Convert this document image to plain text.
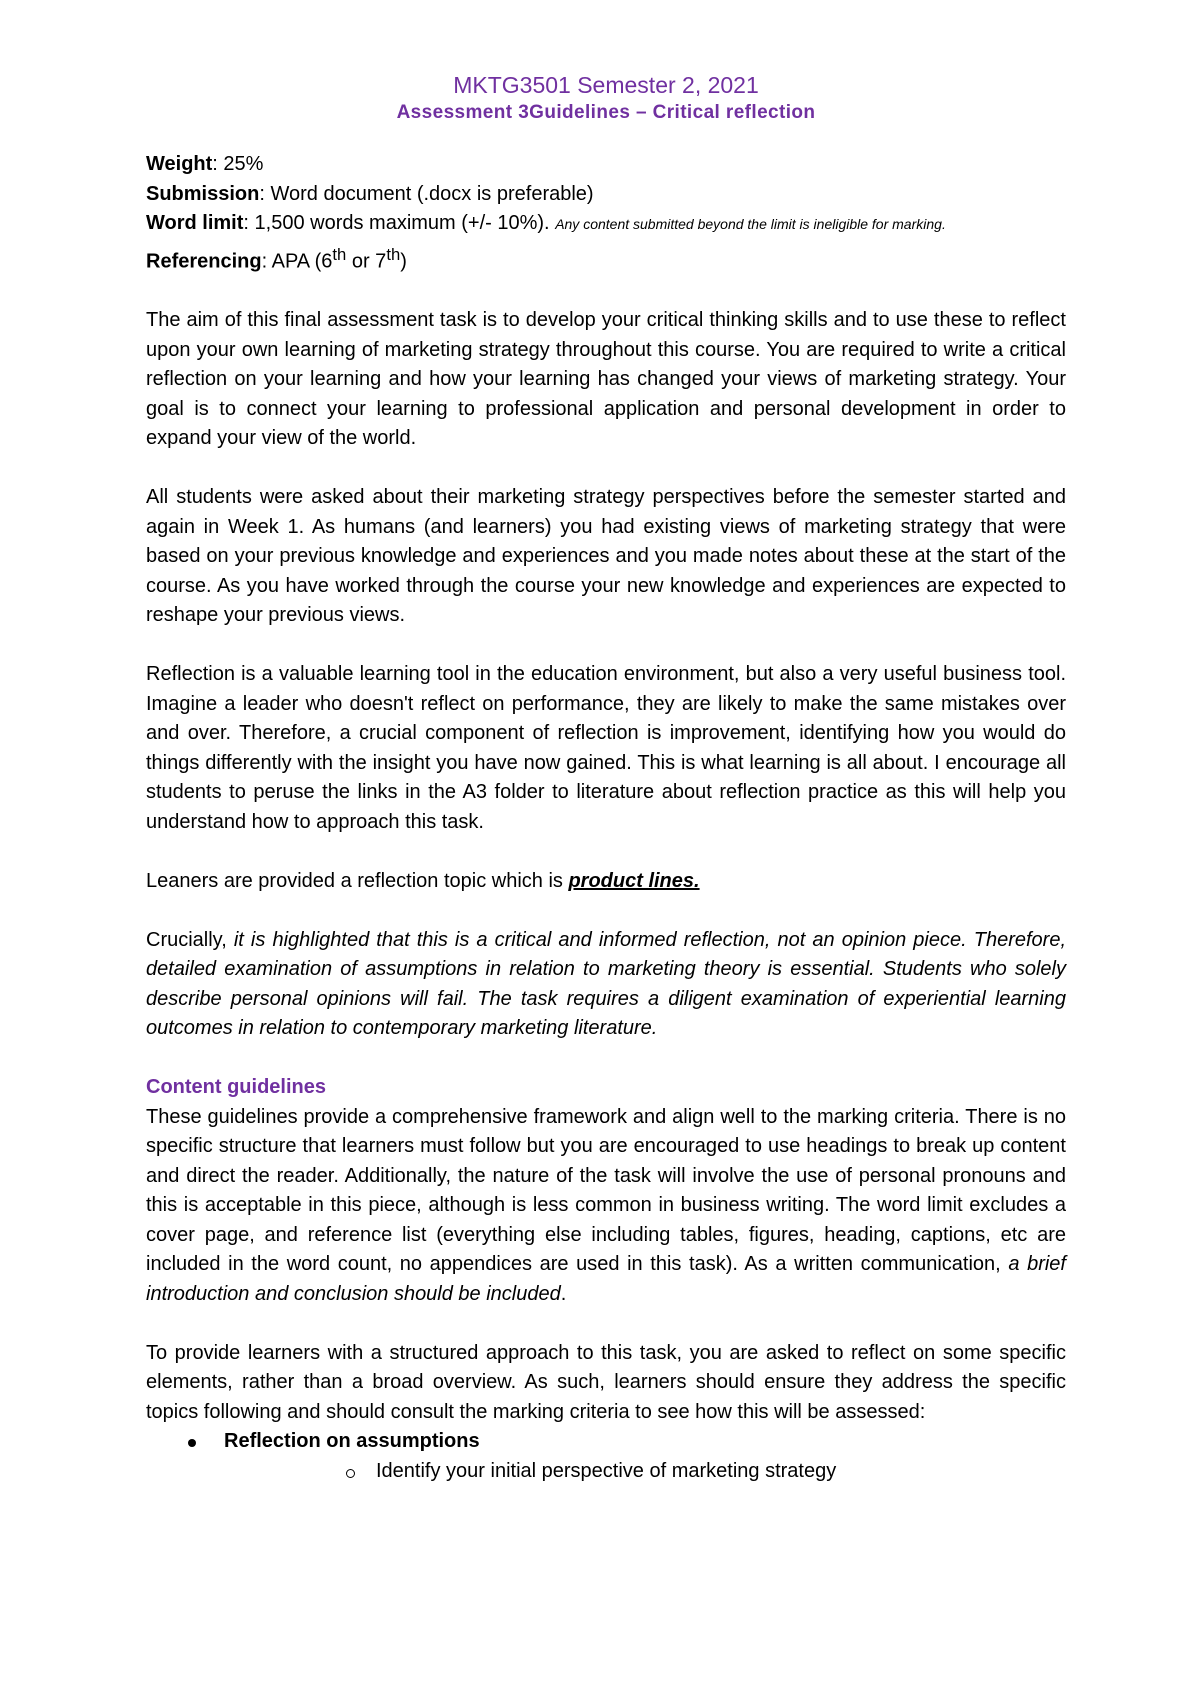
MKTG3501 Semester 2, 2021
Assessment 3Guidelines – Critical reflection

Weight: 25%

Submission: Word document (.docx is preferable)

Word limit: 1,500 words maximum (+/- 10%). Any content submitted beyond the limit is ineligible for marking.

Referencing: APA (6th or 7th)

The aim of this final assessment task is to develop your critical thinking skills and to use these to reflect upon your own learning of marketing strategy throughout this course. You are required to write a critical reflection on your learning and how your learning has changed your views of marketing strategy. Your goal is to connect your learning to professional application and personal development in order to expand your view of the world.

All students were asked about their marketing strategy perspectives before the semester started and again in Week 1. As humans (and learners) you had existing views of marketing strategy that were based on your previous knowledge and experiences and you made notes about these at the start of the course. As you have worked through the course your new knowledge and experiences are expected to reshape your previous views.

Reflection is a valuable learning tool in the education environment, but also a very useful business tool. Imagine a leader who doesn't reflect on performance, they are likely to make the same mistakes over and over. Therefore, a crucial component of reflection is improvement, identifying how you would do things differently with the insight you have now gained. This is what learning is all about. I encourage all students to peruse the links in the A3 folder to literature about reflection practice as this will help you understand how to approach this task.

Leaners are provided a reflection topic which is product lines.

Crucially, it is highlighted that this is a critical and informed reflection, not an opinion piece. Therefore, detailed examination of assumptions in relation to marketing theory is essential. Students who solely describe personal opinions will fail. The task requires a diligent examination of experiential learning outcomes in relation to contemporary marketing literature.

Content guidelines

These guidelines provide a comprehensive framework and align well to the marking criteria. There is no specific structure that learners must follow but you are encouraged to use headings to break up content and direct the reader. Additionally, the nature of the task will involve the use of personal pronouns and this is acceptable in this piece, although is less common in business writing. The word limit excludes a cover page, and reference list (everything else including tables, figures, heading, captions, etc are included in the word count, no appendices are used in this task). As a written communication, a brief introduction and conclusion should be included.

To provide learners with a structured approach to this task, you are asked to reflect on some specific elements, rather than a broad overview. As such, learners should ensure they address the specific topics following and should consult the marking criteria to see how this will be assessed:

Reflection on assumptions
Identify your initial perspective of marketing strategy
